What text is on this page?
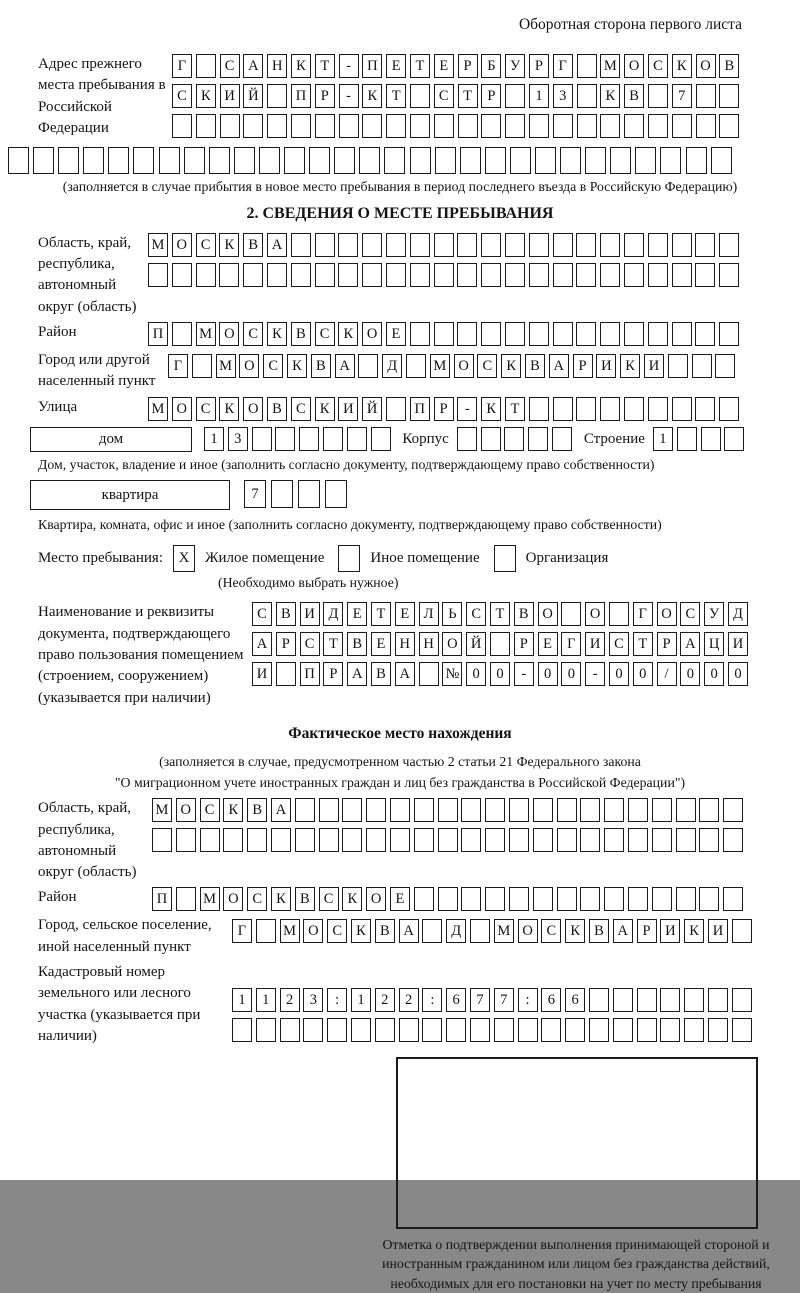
Оборотная сторона первого листа
Адрес прежнего места пребывания в Российской Федерации
Г	С А Н К	Т	-	П Е	Т	Е	Р	Б	У	Р	Г	М О С К О В
С К И Й	П	Р	-	К	Т	С	Т	Р	1	3	К В	7
(заполняется в случае прибытия в новое место пребывания в период последнего въезда в Российскую Федерацию)
2. СВЕДЕНИЯ О МЕСТЕ ПРЕБЫВАНИЯ
Область, край, республика, автономный округ (область)
М О С К В А
Район	П	М О С К В С К О Е
Город или другой населенный пункт
Г	М О С К В А	Д	М О С К В А	Р	И К И
Улица	М О С К О В С К И Й	П	Р	-	К	Т
дом	1	3	Корпус	Строение 1
Дом, участок, владение и иное (заполнить согласно документу, подтверждающему право собственности)
квартира	7
Квартира, комната, офис и иное (заполнить согласно документу, подтверждающему право собственности)
Место пребывания:	X	Жилое помещение	Иное помещение	Организация
(Необходимо выбрать нужное)
Наименование и реквизиты документа, подтверждающего право пользования помещением (строением, сооружением) (указывается при наличии)
С В И Д Е	Т	Е Л	Ь	С	Т	В О	О	Г О С У Д
А	Р	С	Т	В	Е Н Н О Й	Р	Е	Г И С	Т	Р	А Ц И
И	П	Р	А В А	№ 0	0	-	0	0	-	0	0	/	0	0	0
Фактическое место нахождения
(заполняется в случае, предусмотренном частью 2 статьи 21 Федерального закона
"О миграционном учете иностранных граждан и лиц без гражданства в Российской Федерации")
Область, край, республика, автономный округ (область)
М О С К В А
Район	П	М О С К В С К О Е
Город, сельское поселение, иной населенный пункт
Г	М О С К В А	Д	М О С К В А	Р	И К И
Кадастровый номер земельного или лесного участка (указывается при наличии)
1	1	2	3	:	1	2	2	:	6	7	7	:	6	6
Отметка о подтверждении выполнения принимающей стороной и иностранным гражданином или лицом без гражданства действий, необходимых для его постановки на учет по месту пребывания
